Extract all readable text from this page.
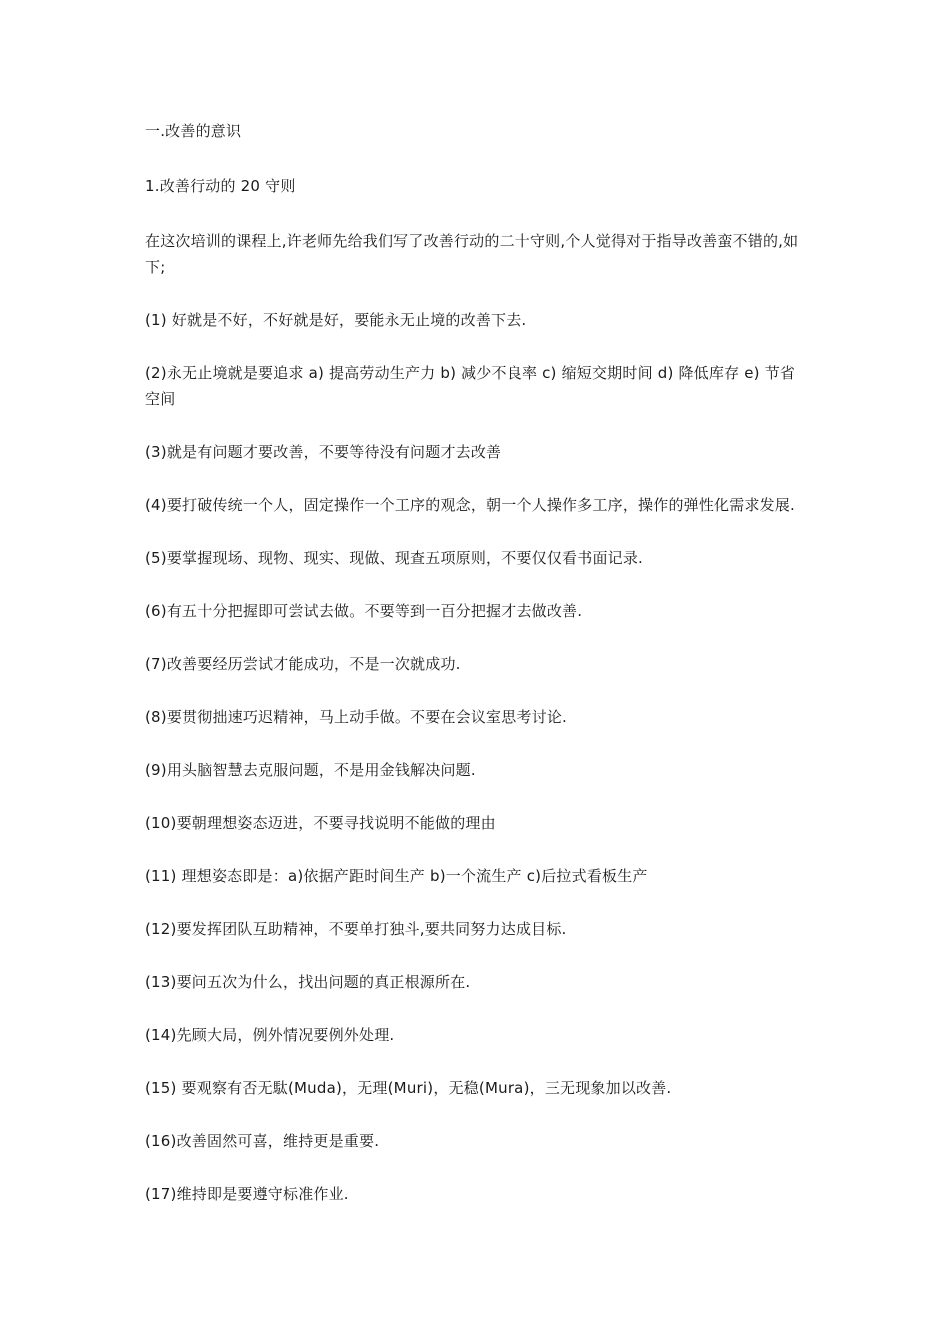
一.改善的意识

1.改善行动的 20 守则

在这次培训的课程上,许老师先给我们写了改善行动的二十守则,个人觉得对于指导改善蛮不错的,如下;

(1) 好就是不好，不好就是好，要能永无止境的改善下去.

(2)永无止境就是要追求 a) 提高劳动生产力 b) 减少不良率 c) 缩短交期时间 d) 降低库存 e) 节省空间

(3)就是有问题才要改善，不要等待没有问题才去改善

(4)要打破传统一个人，固定操作一个工序的观念，朝一个人操作多工序，操作的弹性化需求发展.

(5)要掌握现场、现物、现实、现做、现查五项原则，不要仅仅看书面记录.

(6)有五十分把握即可尝试去做。不要等到一百分把握才去做改善.

(7)改善要经历尝试才能成功，不是一次就成功.

(8)要贯彻拙速巧迟精神，马上动手做。不要在会议室思考讨论.

(9)用头脑智慧去克服问题，不是用金钱解决问题.

(10)要朝理想姿态迈进，不要寻找说明不能做的理由

(11) 理想姿态即是：a)依据产距时间生产 b)一个流生产 c)后拉式看板生产

(12)要发挥团队互助精神，不要单打独斗,要共同努力达成目标.

(13)要问五次为什么，找出问题的真正根源所在.

(14)先顾大局，例外情况要例外处理.

(15) 要观察有否无駄(Muda)，无理(Muri)，无稳(Mura)，三无现象加以改善.

(16)改善固然可喜，维持更是重要.

(17)维持即是要遵守标准作业.
